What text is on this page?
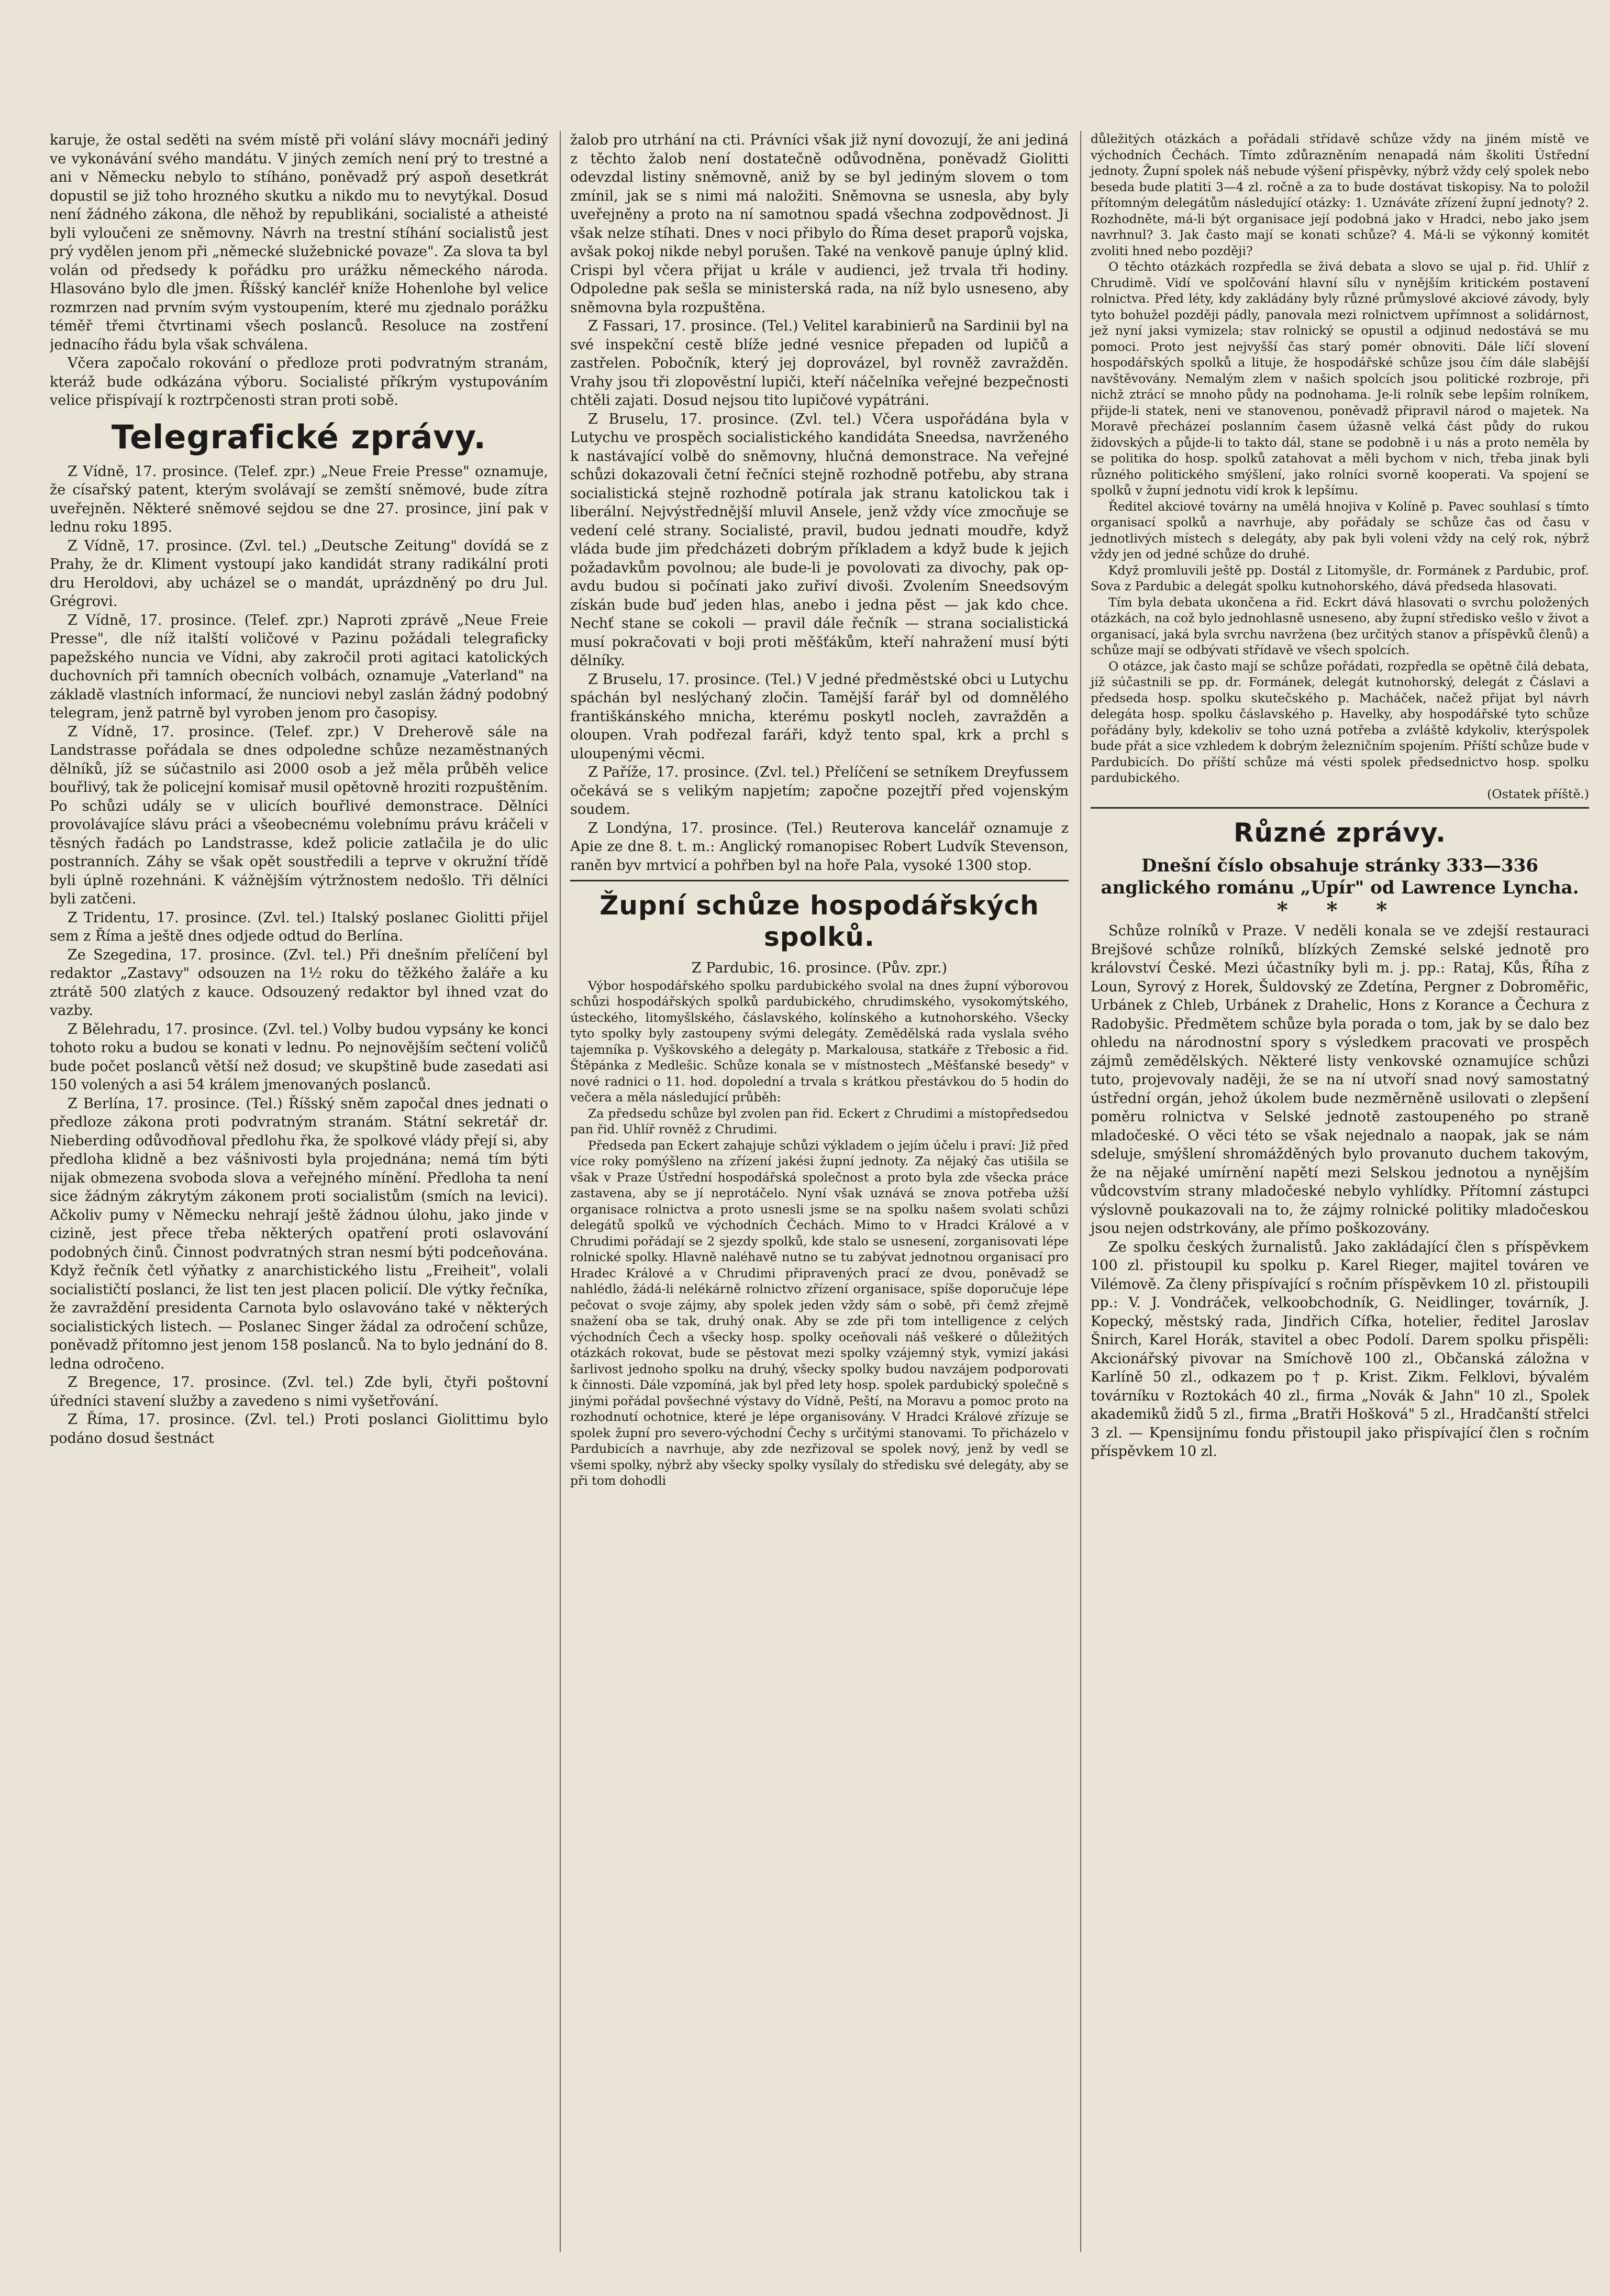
karuje, že ostal seděti na svém místě při volání slávy mocnáři jediný ve vykonávání svého mandátu. V jiných zemích není prý to trestné a ani v Německu nebylo to stíháno, poněvadž prý aspoň desetkrát dopustil se již toho hrozného skutku a nikdo mu to nevytýkal. Dosud není žádného zákona, dle něhož by republikáni, socialisté a atheisté byli vyloučeni ze sněmovny. Návrh na trestní stíhání socialistů jest prý vydělen jenom při „německé služebnické povaze". Za slova ta byl volán od předsedy k pořádku pro urážku německého národa. Hlasováno bylo dle jmen. Říšský kancléř kníže Hohenlohe byl velice rozmrzen nad prvním svým vystoupením, které mu zjednalo porážku téměř třemi čtvrtinami všech poslanců. Resoluce na zostření jednacího řádu byla však schválena.

Včera započalo rokování o předloze proti podvratným stranám, kteráž bude odkázána výboru. Socialisté příkrým vystupováním velice přispívají k roztrpčenosti stran proti sobě.

Telegrafické zprávy.

Z Vídně, 17. prosince. (Telef. zpr.) „Neue Freie Presse" oznamuje, že císařský patent, kterým svolávají se zemští sněmové, bude zítra uveřejněn. Některé sněmové sejdou se dne 27. prosince, jiní pak v lednu roku 1895.

Z Vídně, 17. prosince. (Zvl. tel.) „Deutsche Zeitung" dovídá se z Prahy, že dr. Kliment vystoupí jako kandidát strany radikální proti dru Heroldovi, aby ucházel se o mandát, uprázdněný po dru Jul. Grégrovi.

Z Vídně, 17. prosince. (Telef. zpr.) Naproti zprávě „Neue Freie Presse", dle níž italští voličové v Pazinu požádali telegraficky papežského nuncia ve Vídni, aby zakročil proti agitaci katolických duchovních při tamních obecních volbách, oznamuje „Vaterland" na základě vlastních informací, že nunciovi nebyl zaslán žádný podobný telegram, jenž patrně byl vyroben jenom pro časopisy.

Z Vídně, 17. prosince. (Telef. zpr.) V Dreherově sále na Landstrasse pořádala se dnes odpoledne schůze nezaměstnaných dělníků, jíž se súčastnilo asi 2000 osob a jež měla průběh velice bouřlivý, tak že policejní komisař musil opětovně hroziti rozpuštěním. Po schůzi udály se v ulicích bouřlivé demonstrace. Dělníci provolávajíce slávu práci a všeobecnému volebnímu právu kráčeli v těsných řadách po Landstrasse, kdež policie zatlačila je do ulic postranních. Záhy se však opět soustředili a teprve v okružní třídě byli úplně rozehnáni. K vážnějším výtržnostem nedošlo. Tři dělníci byli zatčeni.

Z Tridentu, 17. prosince. (Zvl. tel.) Italský poslanec Giolitti přijel sem z Říma a ještě dnes odjede odtud do Berlína.

Ze Szegedina, 17. prosince. (Zvl. tel.) Při dnešním přelíčení byl redaktor „Zastavy" odsouzen na 1½ roku do těžkého žaláře a ku ztrátě 500 zlatých z kauce. Odsouzený redaktor byl ihned vzat do vazby.

Z Bělehradu, 17. prosince. (Zvl. tel.) Volby budou vypsány ke konci tohoto roku a budou se konati v lednu. Po nejnovějším sečtení voličů bude počet poslanců větší než dosud; ve skupštině bude zasedati asi 150 volených a asi 54 králem jmenovaných poslanců.

Z Berlína, 17. prosince. (Tel.) Říšský sněm započal dnes jednati o předloze zákona proti podvratným stranám. Státní sekretář dr. Nieberding odůvodňoval předlohu řka, že spolkové vlády přejí si, aby předloha klidně a bez vášnivosti byla projednána; nemá tím býti nijak obmezena svoboda slova a veřejného mínění. Předloha ta není sice žádným zákrytým zákonem proti socialistům (smích na levici). Ačkoliv pumy v Německu nehrají ještě žádnou úlohu, jako jinde v cizině, jest přece třeba některých opatření proti oslavování podobných činů. Činnost podvratných stran nesmí býti podceňována. Když řečník četl výňatky z anarchistického listu „Freiheit", volali socialističtí poslanci, že list ten jest placen policií. Dle výtky řečníka, že zavraždění presidenta Carnota bylo oslavováno také v některých socialistických listech. — Poslanec Singer žádal za odročení schůze, poněvadž přítomno jest jenom 158 poslanců. Na to bylo jednání do 8. ledna odročeno.

Z Bregence, 17. prosince. (Zvl. tel.) Zde byli, čtyři poštovní úředníci stavení služby a zavedeno s nimi vyšetřování.

Z Říma, 17. prosince. (Zvl. tel.) Proti poslanci Giolittimu bylo podáno dosud šestnáct

žalob pro utrhání na cti. Právníci však již nyní dovozují, že ani jediná z těchto žalob není dostatečně odůvodněna, poněvadž Giolitti odevzdal listiny sněmovně, aniž by se byl jediným slovem o tom zmínil, jak se s nimi má naložiti. Sněmovna se usnesla, aby byly uveřejněny a proto na ní samotnou spadá všechna zodpovědnost. Ji však nelze stíhati. Dnes v noci přibylo do Říma deset praporů vojska, avšak pokoj nikde nebyl porušen. Také na venkově panuje úplný klid. Crispi byl včera přijat u krále v audienci, jež trvala tři hodiny. Odpoledne pak sešla se ministerská rada, na níž bylo usneseno, aby sněmovna byla rozpuštěna.

Z Fassari, 17. prosince. (Tel.) Velitel karabinierů na Sardinii byl na své inspekční cestě blíže jedné vesnice přepaden od lupičů a zastřelen. Pobočník, který jej doprovázel, byl rovněž zavražděn. Vrahy jsou tři zlopověstní lupiči, kteří náčelníka veřejné bezpečnosti chtěli zajati. Dosud nejsou tito lupičové vypátráni.

Z Bruselu, 17. prosince. (Zvl. tel.) Včera uspořádána byla v Lutychu ve prospěch socialistického kandidáta Sneedsa, navrženého k nastávající volbě do sněmovny, hlučná demonstrace. Na veřejné schůzi dokazovali četní řečníci stejně rozhodně potřebu, aby strana socialistická stejně rozhodně potírala jak stranu katolickou tak i liberální. Nejvýstřednější mluvil Ansele, jenž vždy více zmocňuje se vedení celé strany. Socialisté, pravil, budou jednati moudře, když vláda bude jim předcházeti dobrým příkladem a když bude k jejich požadavkům povolnou; ale bude-li je povolovati za divochy, pak op-avdu budou si počínati jako zuřiví divoši. Zvolením Sneedsovým získán bude buď jeden hlas, anebo i jedna pěst — jak kdo chce. Nechť stane se cokoli — pravil dále řečník — strana socialistická musí pokračovati v boji proti měšťákům, kteří nahražení musí býti dělníky.

Z Bruselu, 17. prosince. (Tel.) V jedné předměstské obci u Lutychu spáchán byl neslýchaný zločin. Tamější farář byl od domnělého františkánského mnicha, kterému poskytl nocleh, zavražděn a oloupen. Vrah podřezal faráři, když tento spal, krk a prchl s uloupenými věcmi.

Z Paříže, 17. prosince. (Zvl. tel.) Přelíčení se setníkem Dreyfussem očekává se s velikým napjetím; započne pozejtří před vojenským soudem.

Z Londýna, 17. prosince. (Tel.) Reuterova kancelář oznamuje z Apie ze dne 8. t. m.: Anglický romanopisec Robert Ludvík Stevenson, raněn byv mrtvicí a pohřben byl na hoře Pala, vysoké 1300 stop.

Župní schůze hospodářských spolků.

Z Pardubic, 16. prosince. (Pův. zpr.)

Výbor hospodářského spolku pardubického svolal na dnes župní výborovou schůzi hospodářských spolků pardubického, chrudimského, vysokomýtského, ústeckého, litomyšlského, čáslavského, kolínského a kutnohorského. Všecky tyto spolky byly zastoupeny svými delegáty. Zemědělská rada vyslala svého tajemníka p. Vyškovského a delegáty p. Markalousa, statkáře z Třebosic a řid. Štěpánka z Medlešic. Schůze konala se v místnostech „Měšťanské besedy" v nové radnici o 11. hod. dopolední a trvala s krátkou přestávkou do 5 hodin do večera a měla následující průběh:

Za předsedu schůze byl zvolen pan řid. Eckert z Chrudimi a místopředsedou pan řid. Uhlíř rovněž z Chrudimi.

Předseda pan Eckert zahajuje schůzi výkladem o jejím účelu i praví: Již před více roky pomýšleno na zřízení jakési župní jednoty. Za nějaký čas utišila se však v Praze Ústřední hospodářská společnost a proto byla zde všecka práce zastavena, aby se jí neprotáčelo. Nyní však uznává se znova potřeba užší organisace rolnictva a proto usnesli jsme se na spolku našem svolati schůzi delegátů spolků ve východních Čechách. Mimo to v Hradci Králové a v Chrudimi pořádají se 2 sjezdy spolků, kde stalo se usnesení, zorganisovati lépe rolnické spolky. Hlavně naléhavě nutno se tu zabývat jednotnou organisací pro Hradec Králové a v Chrudimi připravených prací ze dvou, poněvadž se nahlédlo, žádá-li nelékárně rolnictvo zřízení organisace, spíše doporučuje lépe pečovat o svoje zájmy, aby spolek jeden vždy sám o sobě, při čemž zřejmě snažení oba se tak, druhý onak. Aby se zde při tom intelligence z celých východních Čech a všecky hosp. spolky oceňovali náš veškeré o důležitých otázkách rokovat, bude se pěstovat mezi spolky vzájemný styk, vymizí jakási šarlivost jednoho spolku na druhý, všecky spolky budou navzájem podporovati k činnosti. Dále vzpomíná, jak byl před lety hosp. spolek pardubický společně s jinými pořádal povšechné výstavy do Vídně, Peští, na Moravu a pomoc proto na rozhodnutí ochotnice, které je lépe organisovány. V Hradci Králové zřízuje se spolek župní pro severo-východní Čechy s určitými stanovami. To přicházelo v Pardubicích a navrhuje, aby zde nezřizoval se spolek nový, jenž by vedl se všemi spolky, nýbrž aby všecky spolky vysílaly do středisku své delegáty, aby se při tom dohodli

důležitých otázkách a pořádali střídavě schůze vždy na jiném místě ve východních Čechách. Tímto zdůrazněním nenapadá nám školiti Ústřední jednoty. Župní spolek náš nebude výšení přispěvky, nýbrž vždy celý spolek nebo beseda bude platiti 3—4 zl. ročně a za to bude dostávat tiskopisy. Na to položil přítomným delegátům následující otázky: 1. Uznáváte zřízení župní jednoty? 2. Rozhodněte, má-li být organisace její podobná jako v Hradci, nebo jako jsem navrhnul? 3. Jak často mají se konati schůze? 4. Má-li se výkonný komitét zvoliti hned nebo později?

O těchto otázkách rozpředla se živá debata a slovo se ujal p. řid. Uhlíř z Chrudimě. Vidí ve spolčování hlavní sílu v nynějším kritickém postavení rolnictva. Před léty, kdy zakládány byly různé průmyslové akciové závody, byly tyto bohužel později pádly, panovala mezi rolnictvem upřímnost a solidárnost, jež nyní jaksi vymizela; stav rolnický se opustil a odjinud nedostává se mu pomoci. Proto jest nejvyšší čas starý pomér obnoviti. Dále líčí slovení hospodářských spolků a lituje, že hospodářské schůze jsou čím dále slabější navštěvovány. Nemalým zlem v našich spolcích jsou politické rozbroje, při nichž ztrácí se mnoho půdy na podnohama. Je-li rolník sebe lepším rolníkem, přijde-li statek, neni ve stanovenou, poněvadž připravil národ o majetek. Na Moravě přecházeí poslanním časem úžasně velká část půdy do rukou židovských a půjde-li to takto dál, stane se podobně i u nás a proto neměla by se politika do hosp. spolků zatahovat a měli bychom v nich, třeba jinak byli různého politického smýšlení, jako rolníci svorně kooperati. Va spojení se spolků v župní jednotu vidí krok k lepšímu.

Ředitel akciové továrny na umělá hnojiva v Kolíně p. Pavec souhlasí s tímto organisací spolků a navrhuje, aby pořádaly se schůze čas od času v jednotlivých místech s delegáty, aby pak byli voleni vždy na celý rok, nýbrž vždy jen od jedné schůze do druhé.

Když promluvili ještě pp. Dostál z Litomyšle, dr. Formánek z Pardubic, prof. Sova z Pardubic a delegát spolku kutnohorského, dává předseda hlasovati.

Tím byla debata ukončena a řid. Eckrt dává hlasovati o svrchu položených otázkách, na což bylo jednohlasně usneseno, aby župní středisko vešlo v život a organisací, jaká byla svrchu navržena (bez určitých stanov a příspěvků členů) a schůze mají se odbývati střídavě ve všech spolcích.

O otázce, jak často mají se schůze pořádati, rozpředla se opětně čilá debata, jíž súčastnili se pp. dr. Formánek, delegát kutnohorský, delegát z Čáslavi a předseda hosp. spolku skutečského p. Macháček, načež přijat byl návrh delegáta hosp. spolku čáslavského p. Havelky, aby hospodářské tyto schůze pořádány byly, kdekoliv se toho uzná potřeba a zvláště kdykoliv, kterýspolek bude přát a sice vzhledem k dobrým železničním spojením. Příští schůze bude v Pardubicích. Do příští schůze má vésti spolek předsednictvo hosp. spolku pardubického.

(Ostatek příště.)

Různé zprávy.

Dnešní číslo obsahuje stránky 333—336 anglického románu „Upír" od Lawrence Lyncha.

* * *

Schůze rolníků v Praze. V neděli konala se ve zdejší restauraci Brejšové schůze rolníků, blízkých Zemské selské jednotě pro království České. Mezi účastníky byli m. j. pp.: Rataj, Kůs, Říha z Loun, Syrový z Horek, Šuldovský ze Zdetína, Pergner z Dobroměřic, Urbánek z Chleb, Urbánek z Drahelic, Hons z Korance a Čechura z Radobyšic. Předmětem schůze byla porada o tom, jak by se dalo bez ohledu na národnostní spory s výsledkem pracovati ve prospěch zájmů zemědělských. Některé listy venkovské oznamujíce schůzi tuto, projevovaly naději, že se na ní utvoří snad nový samostatný ústřední orgán, jehož úkolem bude nezměrněně usilovati o zlepšení poměru rolnictva v Selské jednotě zastoupeného po straně mladočeské. O věci této se však nejednalo a naopak, jak se nám sdeluje, smýšlení shromážděných bylo provanuto duchem takovým, že na nějaké umírnění napětí mezi Selskou jednotou a nynějším vůdcovstvím strany mladočeské nebylo vyhlídky. Přítomní zástupci výslovně poukazovali na to, že zájmy rolnické politiky mladočeskou jsou nejen odstrkovány, ale přímo poškozovány.

Ze spolku českých žurnalistů. Jako zakládající člen s příspěvkem 100 zl. přistoupil ku spolku p. Karel Rieger, majitel továren ve Vilémově. Za členy přispívající s ročním příspěvkem 10 zl. přistoupili pp.: V. J. Vondráček, velkoobchodník, G. Neidlinger, továrník, J. Kopecký, městský rada, Jindřich Cífka, hotelier, ředitel Jaroslav Šnirch, Karel Horák, stavitel a obec Podolí. Darem spolku přispěli: Akcionářský pivovar na Smíchově 100 zl., Občanská záložna v Karlíně 50 zl., odkazem po † p. Krist. Zikm. Felklovi, bývalém továrníku v Roztokách 40 zl., firma „Novák & Jahn" 10 zl., Spolek akademiků židů 5 zl., firma „Bratři Hošková" 5 zl., Hradčanští střelci 3 zl. — Kpensijnímu fondu přistoupil jako přispívající člen s ročním příspěvkem 10 zl.
